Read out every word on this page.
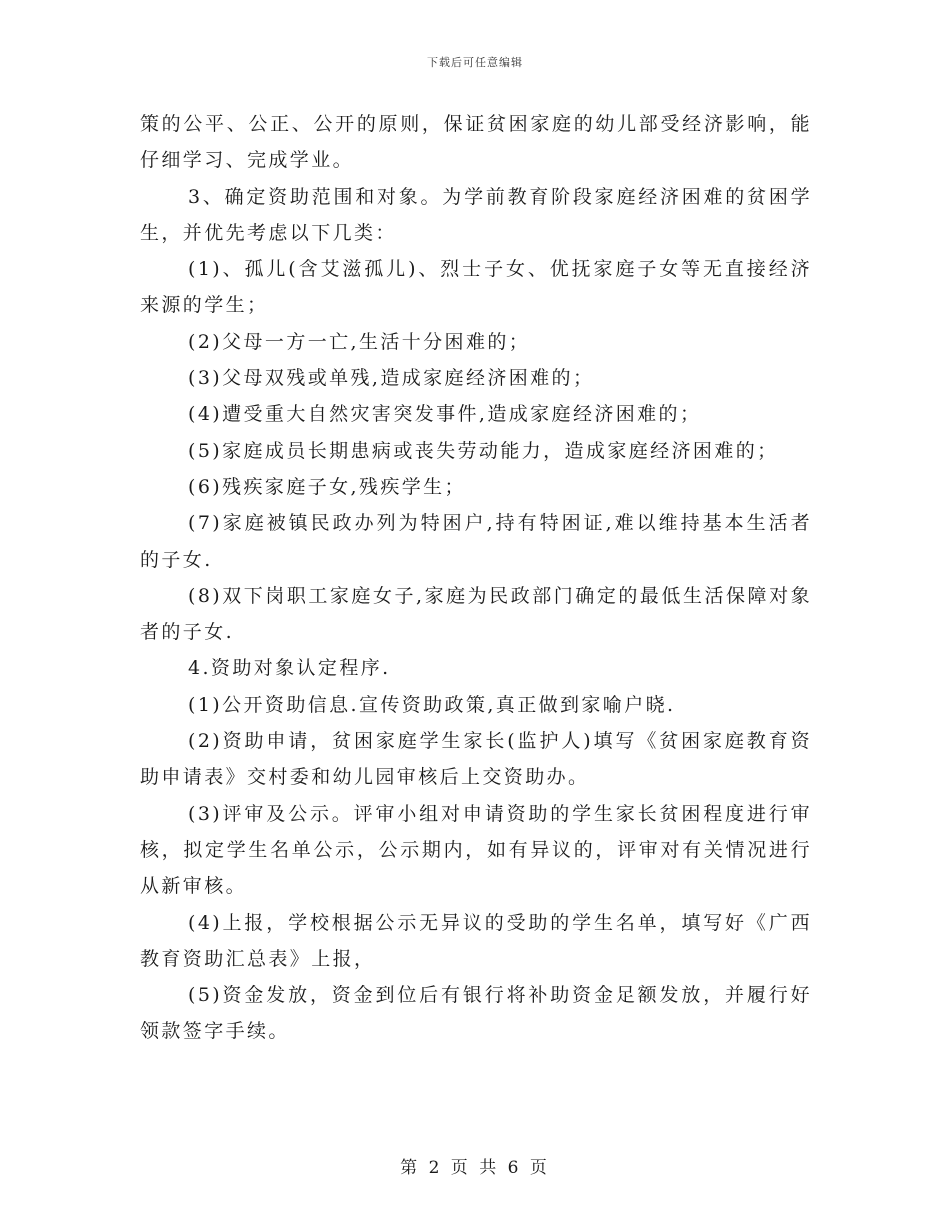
下载后可任意编辑

策的公平、公正、公开的原则，保证贫困家庭的幼儿部受经济影响，能仔细学习、完成学业。

3、确定资助范围和对象。为学前教育阶段家庭经济困难的贫困学生，并优先考虑以下几类：

(1)、孤儿(含艾滋孤儿)、烈士子女、优抚家庭子女等无直接经济来源的学生；

(2)父母一方一亡,生活十分困难的；

(3)父母双残或单残,造成家庭经济困难的；

(4)遭受重大自然灾害突发事件,造成家庭经济困难的；

(5)家庭成员长期患病或丧失劳动能力，造成家庭经济困难的；

(6)残疾家庭子女,残疾学生；

(7)家庭被镇民政办列为特困户,持有特困证,难以维持基本生活者的子女.

(8)双下岗职工家庭女子,家庭为民政部门确定的最低生活保障对象者的子女.

4.资助对象认定程序.

(1)公开资助信息.宣传资助政策,真正做到家喻户晓.

(2)资助申请，贫困家庭学生家长(监护人)填写《贫困家庭教育资助申请表》交村委和幼儿园审核后上交资助办。

(3)评审及公示。评审小组对申请资助的学生家长贫困程度进行审核，拟定学生名单公示，公示期内，如有异议的，评审对有关情况进行从新审核。

(4)上报，学校根据公示无异议的受助的学生名单，填写好《广西教育资助汇总表》上报，

(5)资金发放，资金到位后有银行将补助资金足额发放，并履行好领款签字手续。

第 2 页 共 6 页
